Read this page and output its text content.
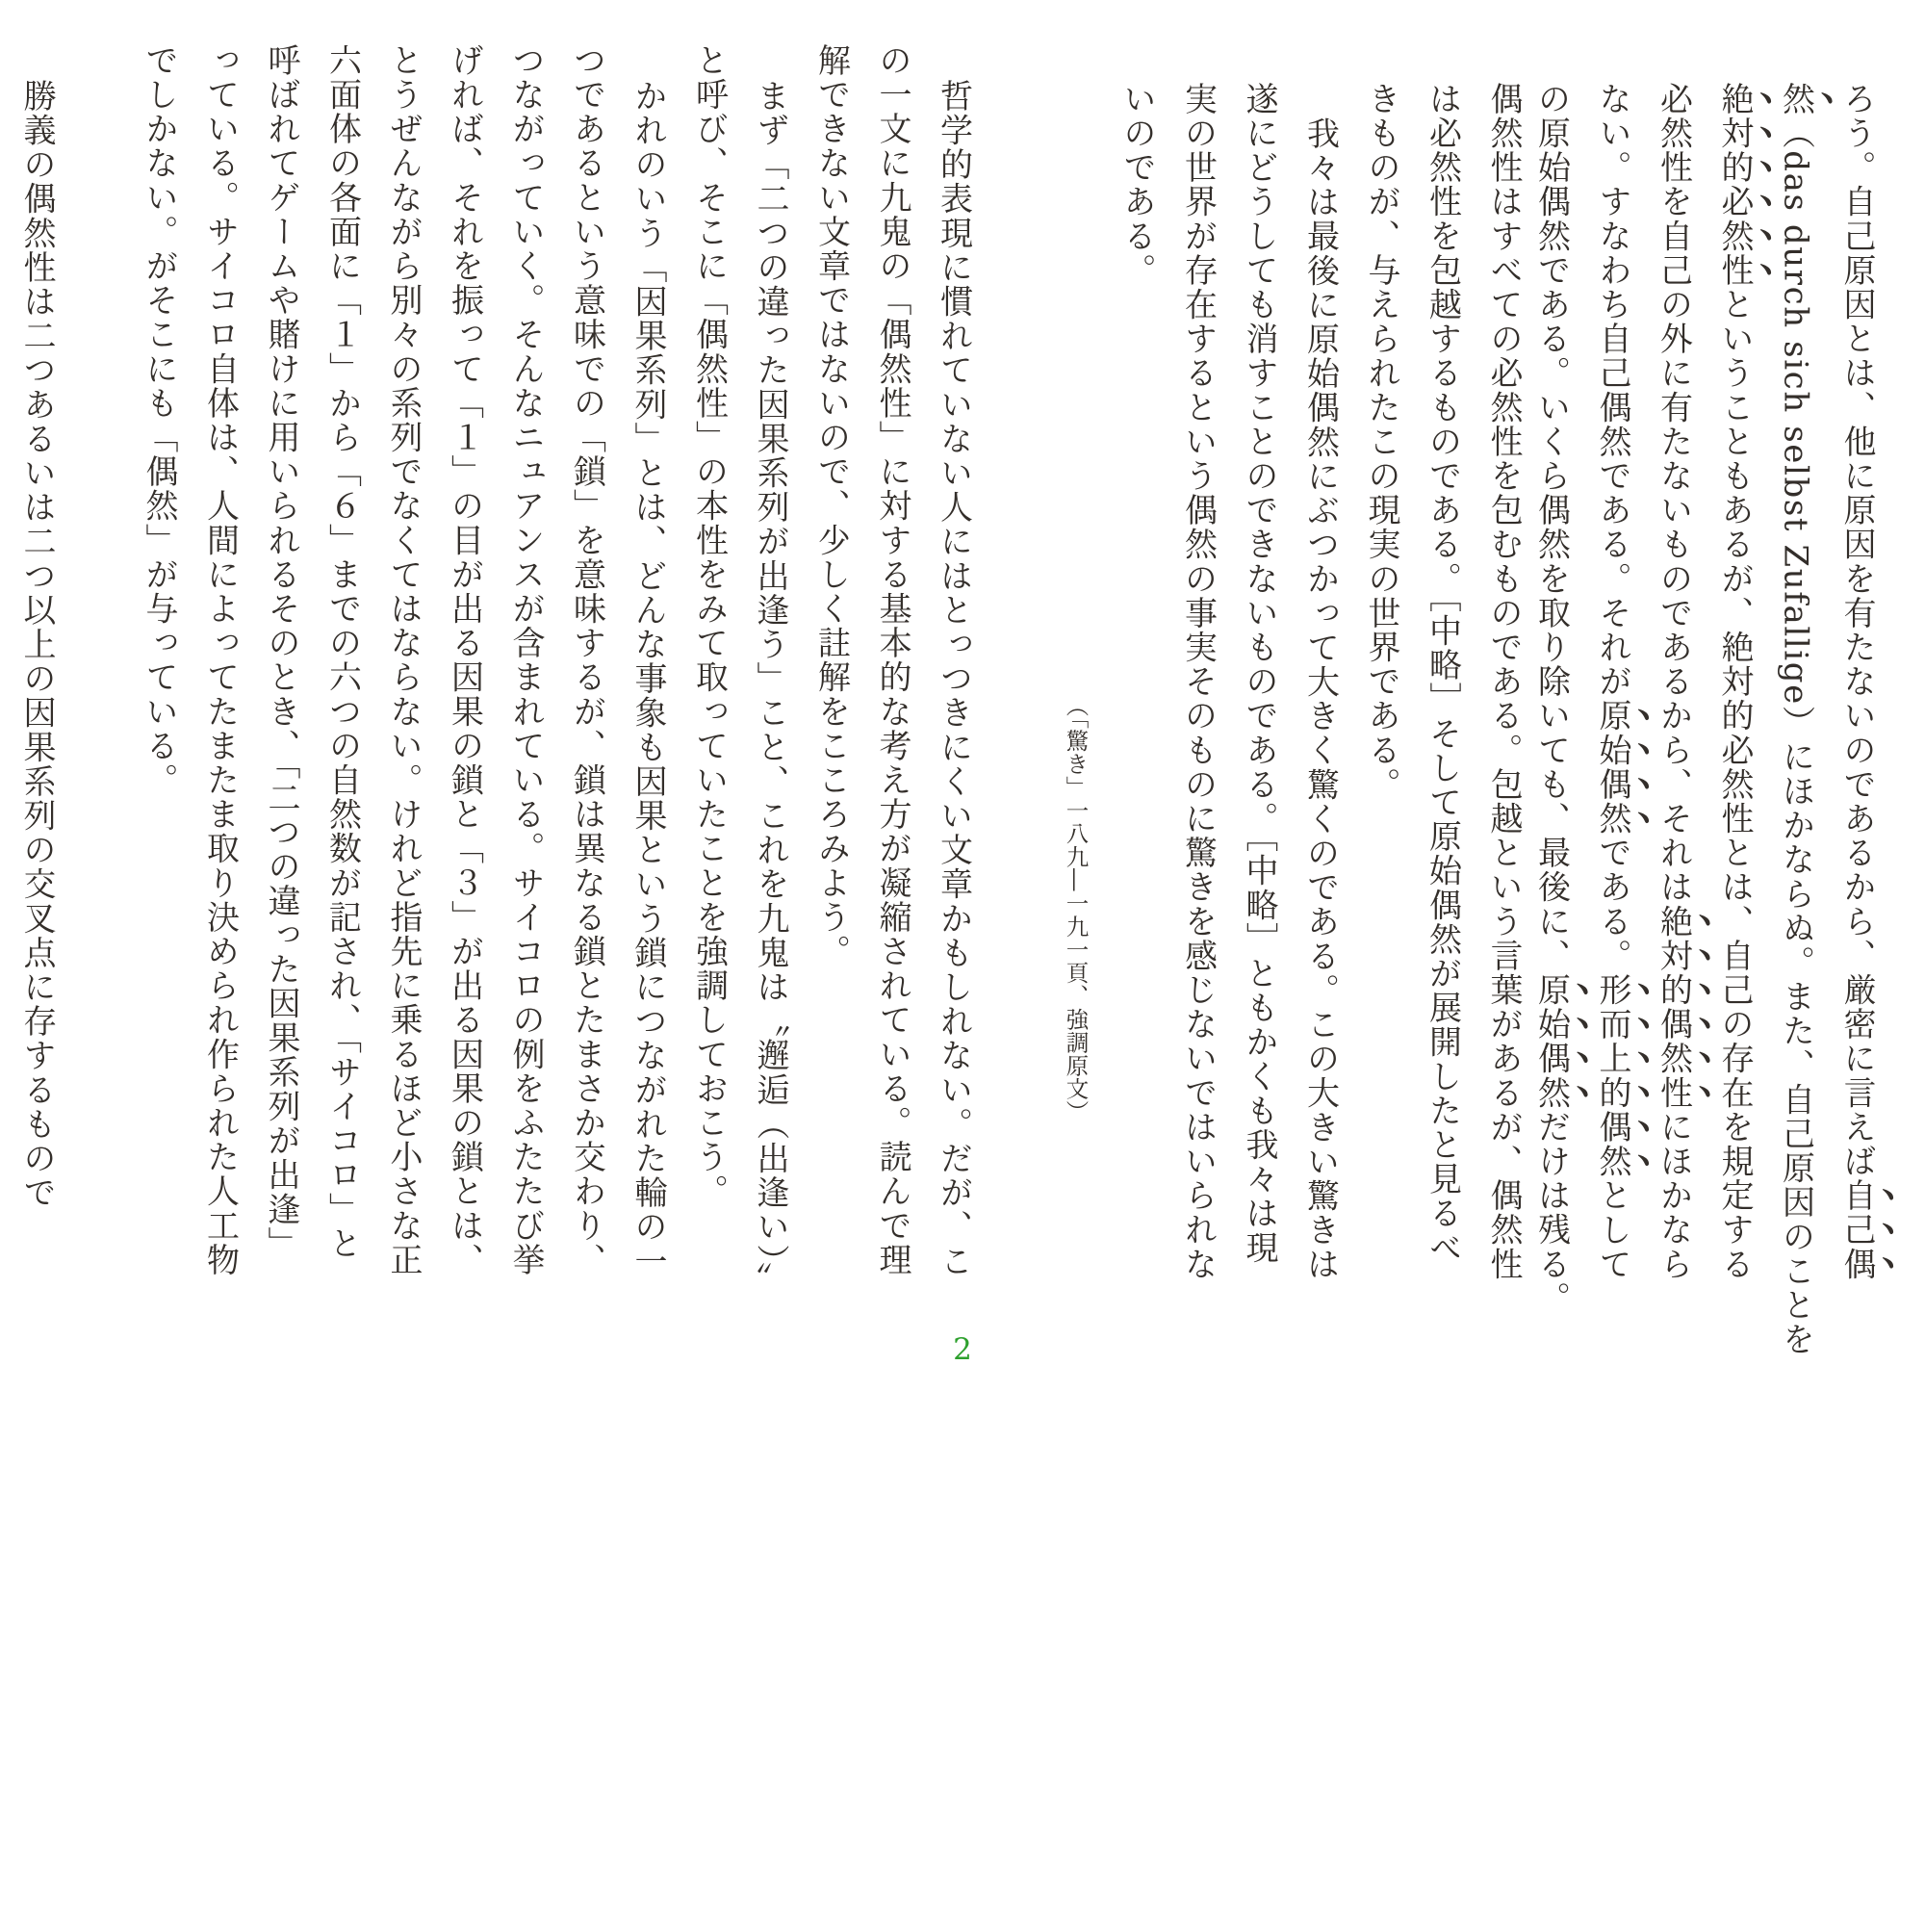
ろう。自己原因とは、他に原因を有たないのであるから、厳密に言えば自己偶
然（das durch sich selbst Zufallige）にほかならぬ。また、自己原因のことを
絶対的必然性ということもあるが、絶対的必然性とは、自己の存在を規定する
必然性を自己の外に有たないものであるから、それは絶対的偶然性にほかなら
ない。すなわち自己偶然である。それが原始偶然である。形而上的偶然として
の原始偶然である。いくら偶然を取り除いても、最後に、原始偶然だけは残る。
偶然性はすべての必然性を包むものである。包越という言葉があるが、偶然性
は必然性を包越するものである。［中略］そして原始偶然が展開したと見るべ
きものが、与えられたこの現実の世界である。
我々は最後に原始偶然にぶつかって大きく驚くのである。この大きい驚きは
遂にどうしても消すことのできないものである。［中略］ともかくも我々は現
実の世界が存在するという偶然の事実そのものに驚きを感じないではいられな
いのである。
（「驚き」一八九―一九一頁、強調原文）
哲学的表現に慣れていない人にはとっつきにくい文章かもしれない。だが、こ
の一文に九鬼の「偶然性」に対する基本的な考え方が凝縮されている。読んで理
解できない文章ではないので、少しく註解をこころみよう。
まず「二つの違った因果系列が出逢う」こと、これを九鬼は〝邂逅（出逢い）〟
と呼び、そこに「偶然性」の本性をみて取っていたことを強調しておこう。
かれのいう「因果系列」とは、どんな事象も因果という鎖につながれた輪の一
つであるという意味での「鎖」を意味するが、鎖は異なる鎖とたまさか交わり、
つながっていく。そんなニュアンスが含まれている。サイコロの例をふたたび挙
げれば、それを振って「１」の目が出る因果の鎖と「３」が出る因果の鎖とは、
とうぜんながら別々の系列でなくてはならない。けれど指先に乗るほど小さな正
六面体の各面に「１」から「６」までの六つの自然数が記され、「サイコロ」と
呼ばれてゲームや賭けに用いられるそのとき、「二つの違った因果系列が出逢」
っている。サイコロ自体は、人間によってたまたま取り決められ作られた人工物
でしかない。がそこにも「偶然」が与っている。
勝義の偶然性は二つあるいは二つ以上の因果系列の交叉点に存するもので
2
